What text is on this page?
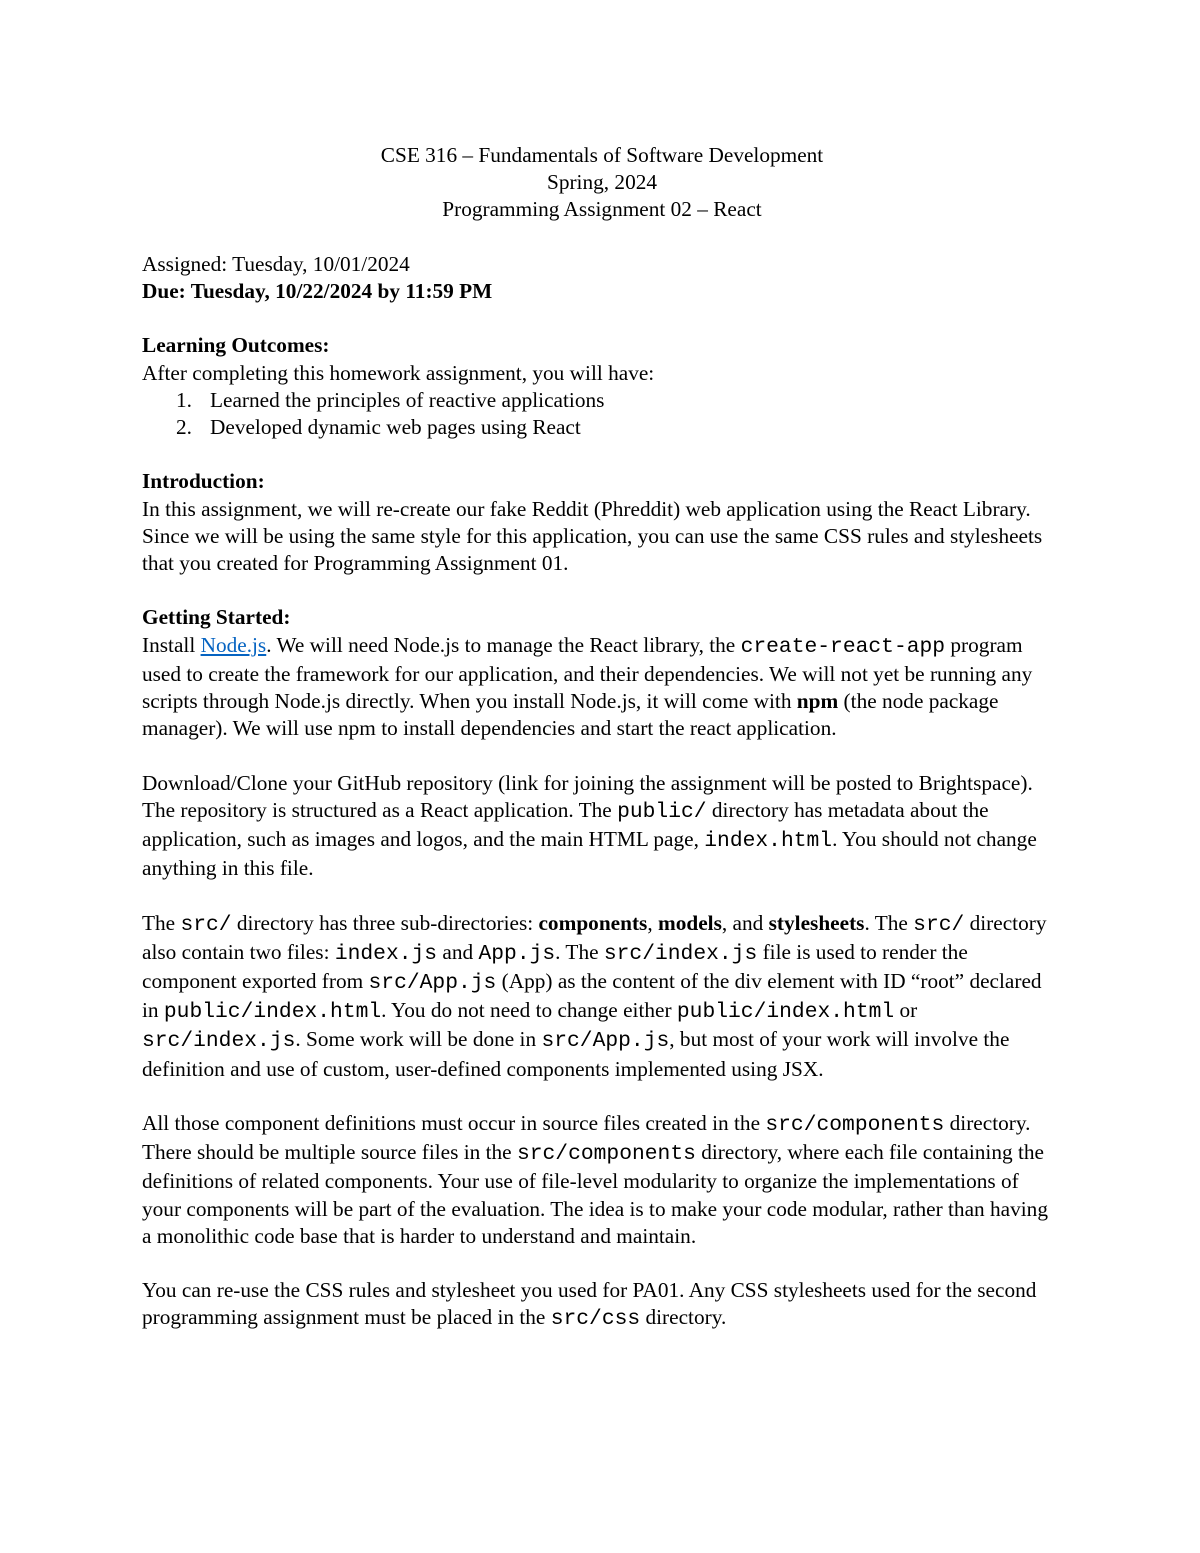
CSE 316 – Fundamentals of Software Development

Spring, 2024

Programming Assignment 02 – React

Assigned: Tuesday, 10/01/2024

Due: Tuesday, 10/22/2024 by 11:59 PM

Learning Outcomes:

After completing this homework assignment, you will have:

1. Learned the principles of reactive applications
2. Developed dynamic web pages using React

Introduction:

In this assignment, we will re-create our fake Reddit (Phreddit) web application using the React Library. Since we will be using the same style for this application, you can use the same CSS rules and stylesheets that you created for Programming Assignment 01.

Getting Started:

Install Node.js. We will need Node.js to manage the React library, the create-react-app program used to create the framework for our application, and their dependencies. We will not yet be running any scripts through Node.js directly. When you install Node.js, it will come with npm (the node package manager). We will use npm to install dependencies and start the react application.

Download/Clone your GitHub repository (link for joining the assignment will be posted to Brightspace). The repository is structured as a React application. The public/ directory has metadata about the application, such as images and logos, and the main HTML page, index.html. You should not change anything in this file.

The src/ directory has three sub-directories: components, models, and stylesheets. The src/ directory also contain two files: index.js and App.js. The src/index.js file is used to render the component exported from src/App.js (App) as the content of the div element with ID “root” declared in public/index.html. You do not need to change either public/index.html or src/index.js. Some work will be done in src/App.js, but most of your work will involve the definition and use of custom, user-defined components implemented using JSX.

All those component definitions must occur in source files created in the src/components directory. There should be multiple source files in the src/components directory, where each file containing the definitions of related components. Your use of file-level modularity to organize the implementations of your components will be part of the evaluation. The idea is to make your code modular, rather than having a monolithic code base that is harder to understand and maintain.

You can re-use the CSS rules and stylesheet you used for PA01. Any CSS stylesheets used for the second programming assignment must be placed in the src/css directory.
